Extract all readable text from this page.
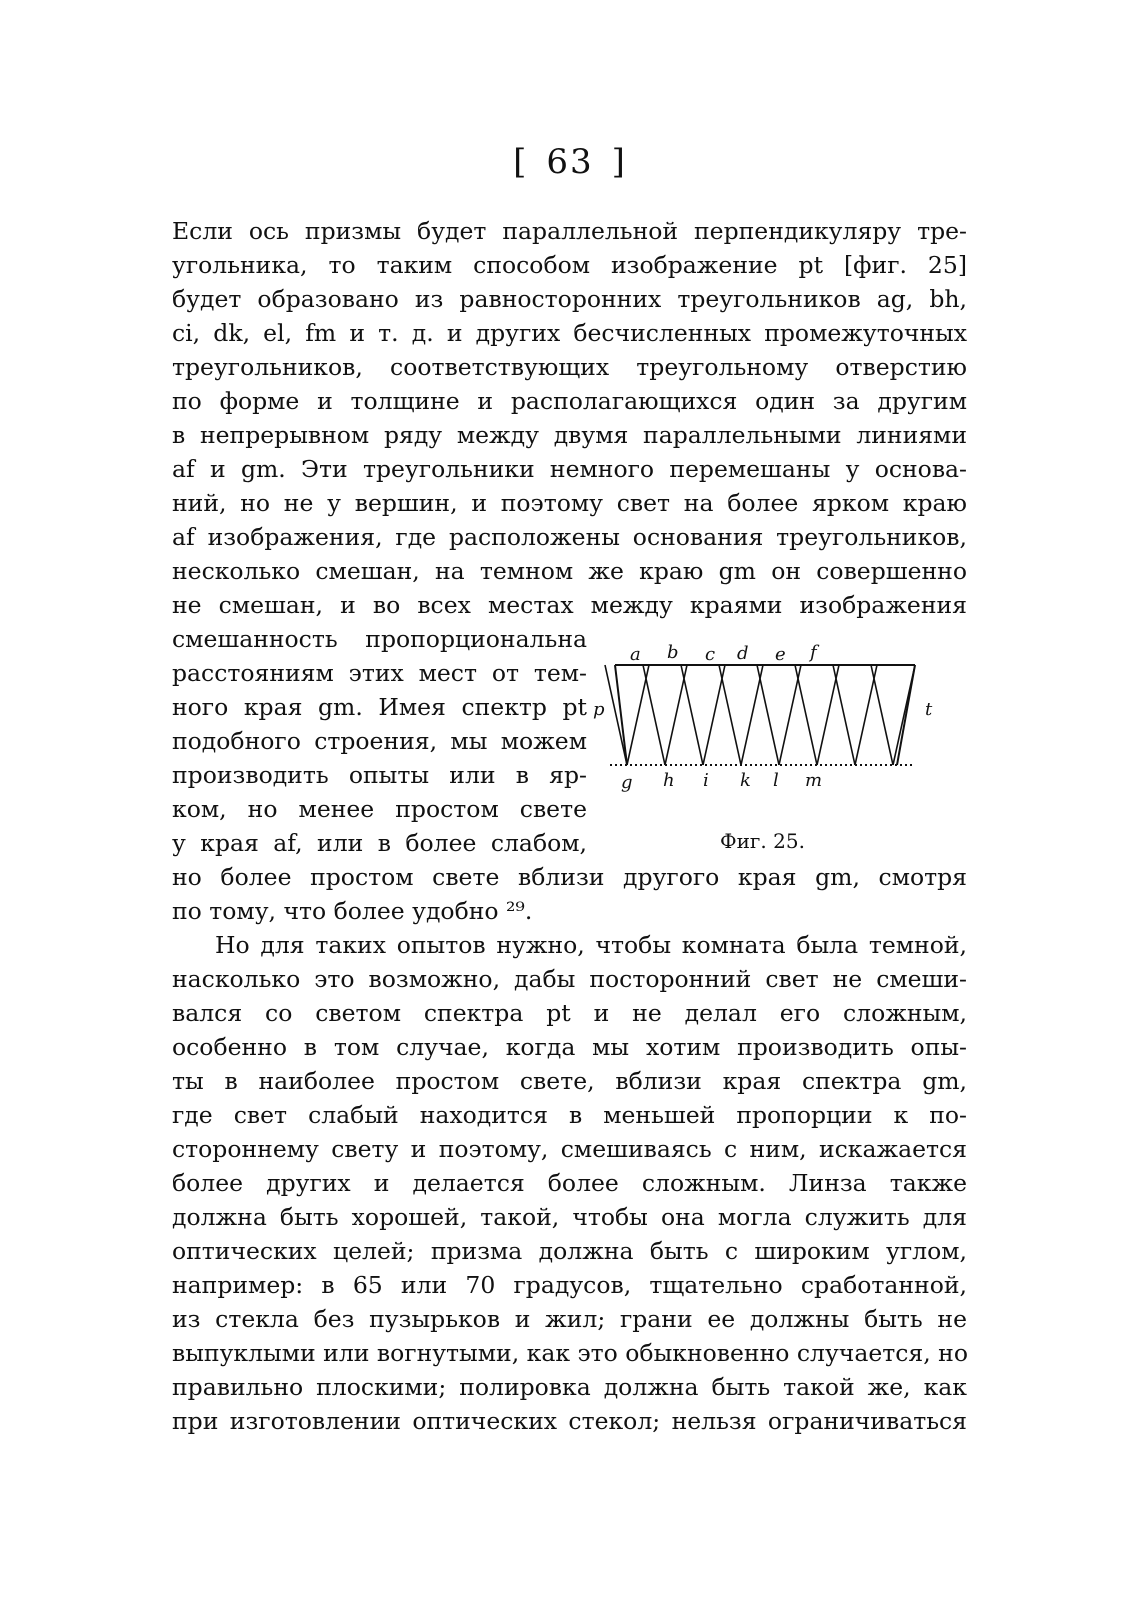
[ 63 ]
Если ось призмы будет параллельной перпендикуляру тре-
угольника, то таким способом изображение pt [фиг. 25]
будет образовано из равносторонних треугольников ag, bh,
ci, dk, el, fm и т. д. и других бесчисленных промежуточных
треугольников, соответствующих треугольному отверстию
по форме и толщине и располагающихся один за другим
в непрерывном ряду между двумя параллельными линиями
af и gm. Эти треугольники немного перемешаны у основа-
ний, но не у вершин, и поэтому свет на более ярком краю
af изображения, где расположены основания треугольников,
несколько смешан, на темном же краю gm он совершенно
не смешан, и во всех местах между краями изображения
смешанность пропорциональна
расстояниям этих мест от тем-
ного края gm. Имея спектр pt
подобного строения, мы можем
производить опыты или в яр-
ком, но менее простом свете
у края af, или в более слабом,
но более простом свете вблизи другого края gm, смотря
по тому, что более удобно ²⁹.
Но для таких опытов нужно, чтобы комната была темной,
насколько это возможно, дабы посторонний свет не смеши-
вался со светом спектра pt и не делал его сложным,
особенно в том случае, когда мы хотим производить опы-
ты в наиболее простом свете, вблизи края спектра gm,
где свет слабый находится в меньшей пропорции к по-
стороннему свету и поэтому, смешиваясь с ним, искажается
более других и делается более сложным. Линза также
должна быть хорошей, такой, чтобы она могла служить для
оптических целей; призма должна быть с широким углом,
например: в 65 или 70 градусов, тщательно сработанной,
из стекла без пузырьков и жил; грани ее должны быть не
выпуклыми или вогнутыми, как это обыкновенно случается, но
правильно плоскими; полировка должна быть такой же, как
при изготовлении оптических стекол; нельзя ограничиваться
a b c d e f
g h i k l m
p	t
Фиг. 25.
